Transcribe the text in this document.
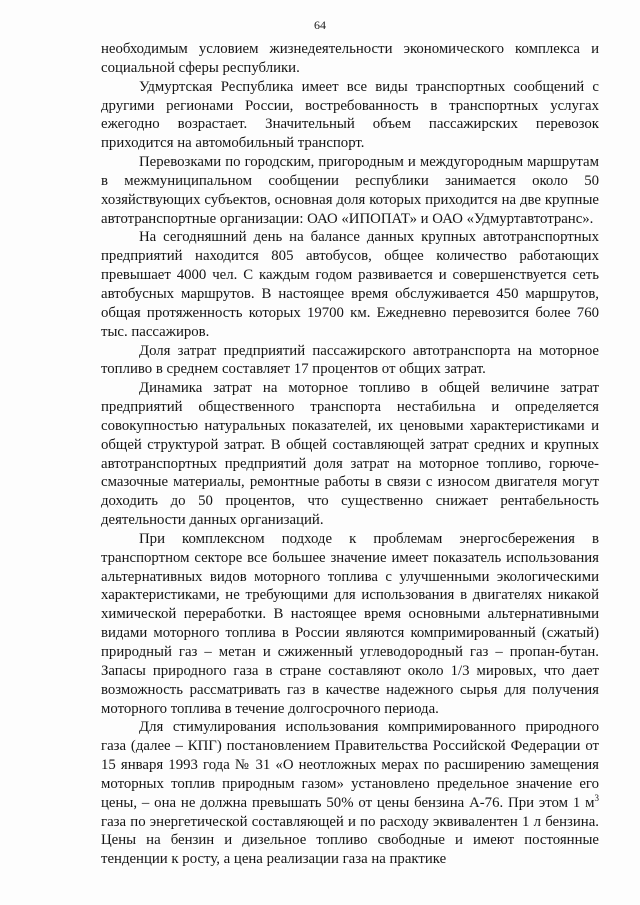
64

необходимым условием жизнедеятельности экономического комплекса и социальной сферы республики.

Удмуртская Республика имеет все виды транспортных сообщений с другими регионами России, востребованность в транспортных услугах ежегодно возрастает. Значительный объем пассажирских перевозок приходится на автомобильный транспорт.

Перевозками по городским, пригородным и междугородным маршрутам в межмуниципальном сообщении республики занимается около 50 хозяйствующих субъектов, основная доля которых приходится на две крупные автотранспортные организации: ОАО «ИПОПАТ» и ОАО «Удмуртавтотранс».

На сегодняшний день на балансе данных крупных автотранспортных предприятий находится 805 автобусов, общее количество работающих превышает 4000 чел. С каждым годом развивается и совершенствуется сеть автобусных маршрутов. В настоящее время обслуживается 450 маршрутов, общая протяженность которых 19700 км. Ежедневно перевозится более 760 тыс. пассажиров.

Доля затрат предприятий пассажирского автотранспорта на моторное топливо в среднем составляет 17 процентов от общих затрат.

Динамика затрат на моторное топливо в общей величине затрат предприятий общественного транспорта нестабильна и определяется совокупностью натуральных показателей, их ценовыми характеристиками и общей структурой затрат. В общей составляющей затрат средних и крупных автотранспортных предприятий доля затрат на моторное топливо, горюче-смазочные материалы, ремонтные работы в связи с износом двигателя могут доходить до 50 процентов, что существенно снижает рентабельность деятельности данных организаций.

При комплексном подходе к проблемам энергосбережения в транспортном секторе все большее значение имеет показатель использования альтернативных видов моторного топлива с улучшенными экологическими характеристиками, не требующими для использования в двигателях никакой химической переработки. В настоящее время основными альтернативными видами моторного топлива в России являются компримированный (сжатый) природный газ – метан и сжиженный углеводородный газ – пропан-бутан. Запасы природного газа в стране составляют около 1/3 мировых, что дает возможность рассматривать газ в качестве надежного сырья для получения моторного топлива в течение долгосрочного периода.

Для стимулирования использования компримированного природного газа (далее – КПГ) постановлением Правительства Российской Федерации от 15 января 1993 года № 31 «О неотложных мерах по расширению замещения моторных топлив природным газом» установлено предельное значение его цены, – она не должна превышать 50% от цены бензина А-76. При этом 1 $м^3$ газа по энергетической составляющей и по расходу эквивалентен 1 л бензина. Цены на бензин и дизельное топливо свободные и имеют постоянные тенденции к росту, а цена реализации газа на практике
